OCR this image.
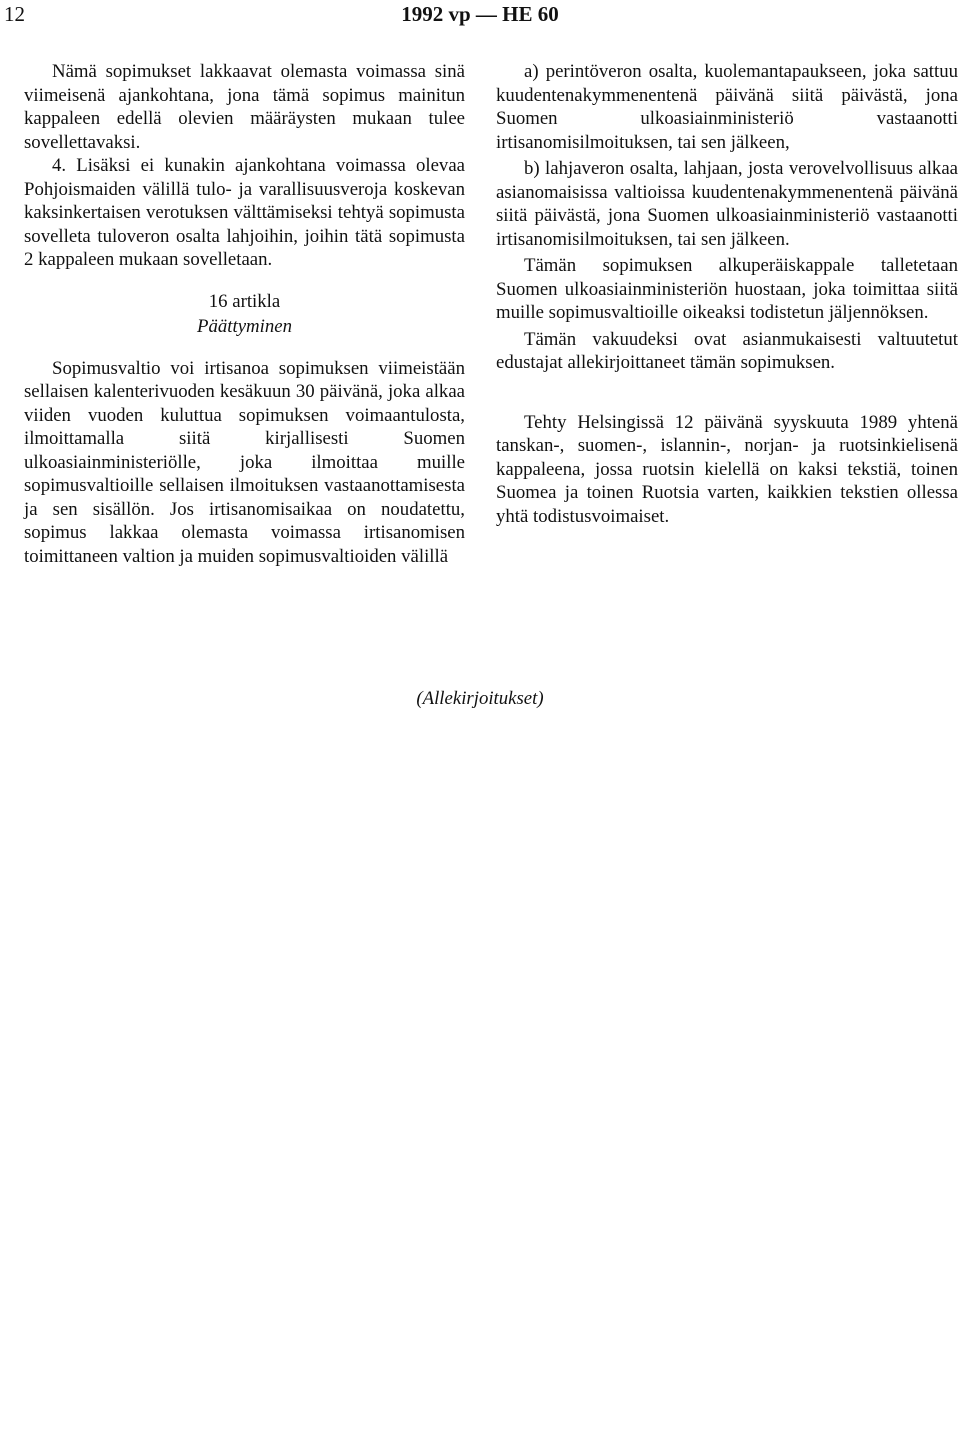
12	1992 vp — HE 60

Nämä sopimukset lakkaavat olemasta voimassa sinä viimeisenä ajankohtana, jona tämä sopimus mainitun kappaleen edellä olevien määräysten mukaan tulee sovellettavaksi.

4. Lisäksi ei kunakin ajankohtana voimassa olevaa Pohjoismaiden välillä tulo- ja varallisuusveroja koskevan kaksinkertaisen verotuksen välttämiseksi tehtyä sopimusta sovelleta tuloveron osalta lahjoihin, joihin tätä sopimusta 2 kappaleen mukaan sovelletaan.

16 artikla

Päättyminen

Sopimusvaltio voi irtisanoa sopimuksen viimeistään sellaisen kalenterivuoden kesäkuun 30 päivänä, joka alkaa viiden vuoden kuluttua sopimuksen voimaantulosta, ilmoittamalla siitä kirjallisesti Suomen ulkoasiainministeriölle, joka ilmoittaa muille sopimusvaltioille sellaisen ilmoituksen vastaanottamisesta ja sen sisällön. Jos irtisanomisaikaa on noudatettu, sopimus lakkaa olemasta voimassa irtisanomisen toimittaneen valtion ja muiden sopimusvaltioiden välillä

a) perintöveron osalta, kuolemantapaukseen, joka sattuu kuudentenakymmenentenä päivänä siitä päivästä, jona Suomen ulkoasiainministeriö vastaanotti irtisanomisilmoituksen, tai sen jälkeen,

b) lahjaveron osalta, lahjaan, josta verovelvollisuus alkaa asianomaisissa valtioissa kuudentenakymmenentenä päivänä siitä päivästä, jona Suomen ulkoasiainministeriö vastaanotti irtisanomisilmoituksen, tai sen jälkeen.

Tämän sopimuksen alkuperäiskappale talletetaan Suomen ulkoasiainministeriön huostaan, joka toimittaa siitä muille sopimusvaltioille oikeaksi todistetun jäljennöksen.

Tämän vakuudeksi ovat asianmukaisesti valtuutetut edustajat allekirjoittaneet tämän sopimuksen.

Tehty Helsingissä 12 päivänä syyskuuta 1989 yhtenä tanskan-, suomen-, islannin-, norjan- ja ruotsinkielisenä kappaleena, jossa ruotsin kielellä on kaksi tekstiä, toinen Suomea ja toinen Ruotsia varten, kaikkien tekstien ollessa yhtä todistusvoimaiset.

(Allekirjoitukset)
